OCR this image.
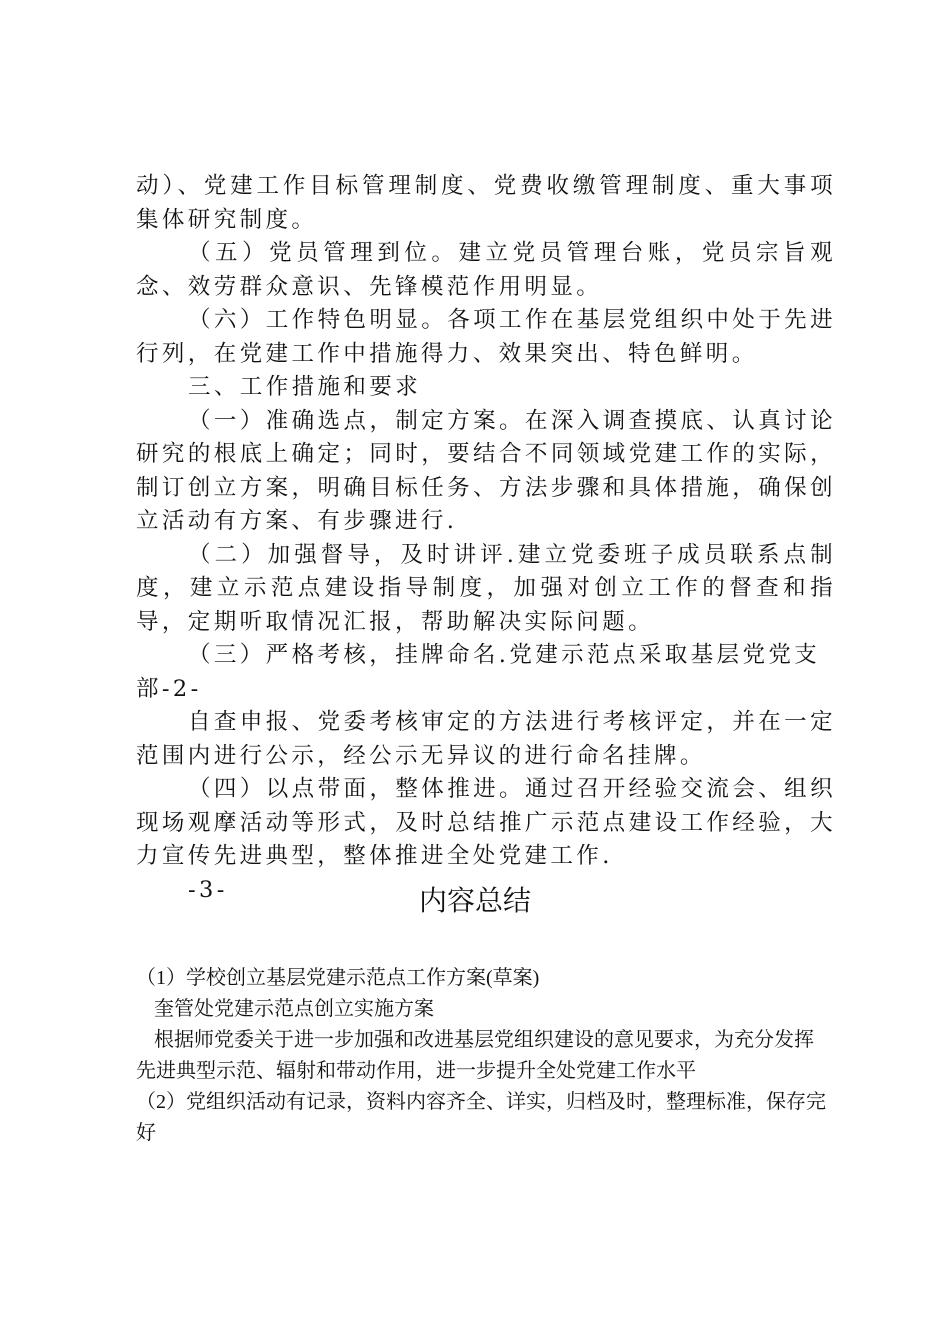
动）、党建工作目标管理制度、党费收缴管理制度、重大事项集体研究制度。

（五）党员管理到位。建立党员管理台账，党员宗旨观念、效劳群众意识、先锋模范作用明显。

（六）工作特色明显。各项工作在基层党组织中处于先进行列，在党建工作中措施得力、效果突出、特色鲜明。

三、工作措施和要求

（一）准确选点，制定方案。在深入调查摸底、认真讨论研究的根底上确定；同时，要结合不同领域党建工作的实际，制订创立方案，明确目标任务、方法步骤和具体措施，确保创立活动有方案、有步骤进行.

（二）加强督导，及时讲评.建立党委班子成员联系点制度，建立示范点建设指导制度，加强对创立工作的督查和指导，定期听取情况汇报，帮助解决实际问题。

（三）严格考核，挂牌命名.党建示范点采取基层党党支

部-2-

自查申报、党委考核审定的方法进行考核评定，并在一定范围内进行公示，经公示无异议的进行命名挂牌。

（四）以点带面，整体推进。通过召开经验交流会、组织现场观摩活动等形式，及时总结推广示范点建设工作经验，大力宣传先进典型，整体推进全处党建工作.

-3-	内容总结

（1）学校创立基层党建示范点工作方案(草案)

奎管处党建示范点创立实施方案

根据师党委关于进一步加强和改进基层党组织建设的意见要求，为充分发挥先进典型示范、辐射和带动作用，进一步提升全处党建工作水平

（2）党组织活动有记录，资料内容齐全、详实，归档及时，整理标准，保存完好
